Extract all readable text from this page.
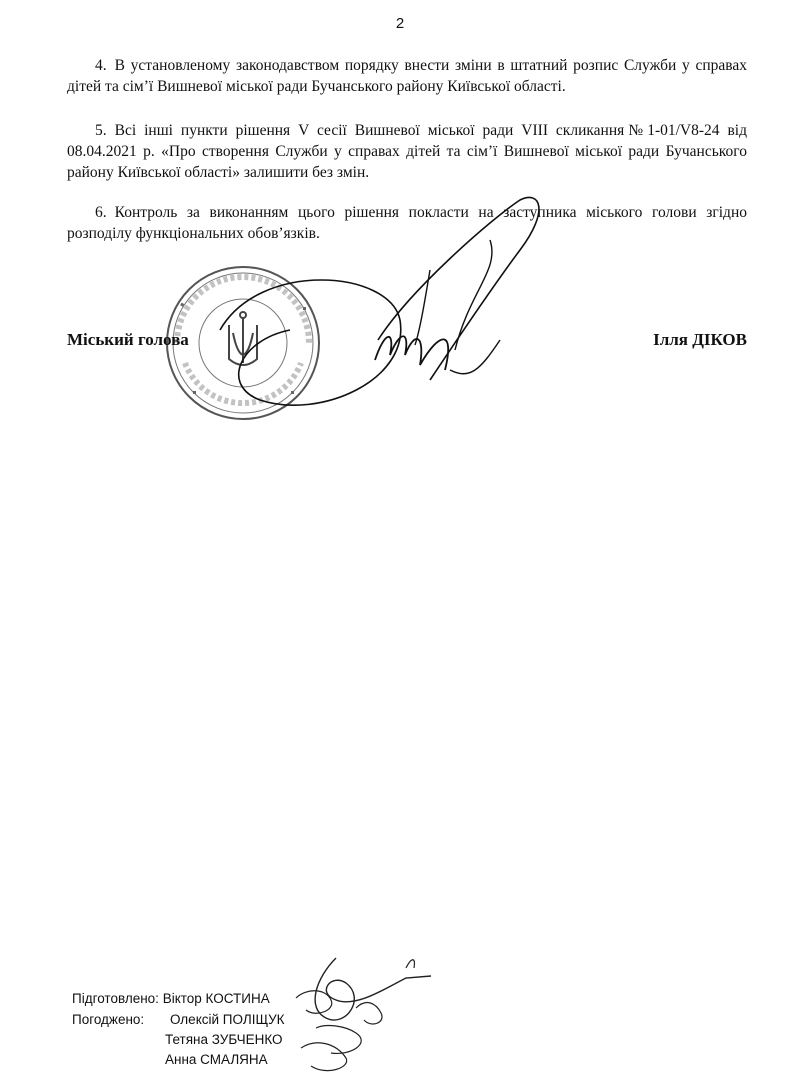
2
4. В установленому законодавством порядку внести зміни в штатний розпис Служби у справах дітей та сім’ї Вишневої міської ради Бучанського району Київської області.
5. Всі інші пункти рішення V сесії Вишневої міської ради VIII скликання№1-01/V8-24 від 08.04.2021 р. «Про створення Служби у справах дітей та сім’ї Вишневої міської ради Бучанського району Київської області» залишити без змін.
6. Контроль за виконанням цього рішення покласти на заступника міського голови згідно розподілу функціональних обов’язків.
Міський голова	Ілля ДІКОВ
Підготовлено: Віктор КОСТИНА
Погоджено: Олексій ПОЛІЩУК
Тетяна ЗУБЧЕНКО
Анна СМАЛЯНА
